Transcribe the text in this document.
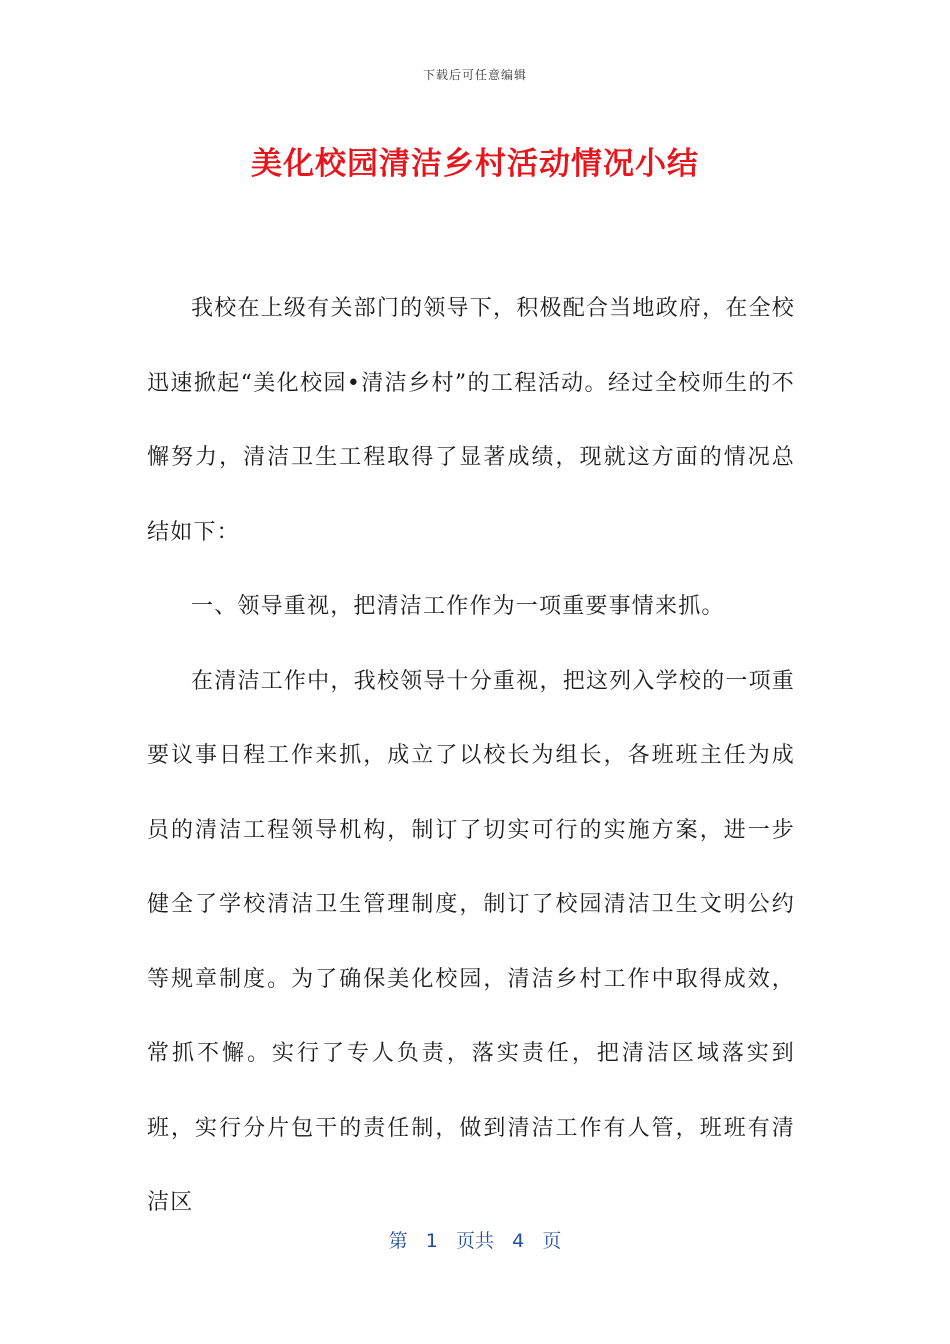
下载后可任意编辑
美化校园清洁乡村活动情况小结

我校在上级有关部门的领导下，积极配合当地政府，在全校迅速掀起“美化校园•清洁乡村”的工程活动。经过全校师生的不懈努力，清洁卫生工程取得了显著成绩，现就这方面的情况总结如下：

一、领导重视，把清洁工作作为一项重要事情来抓。

在清洁工作中，我校领导十分重视，把这列入学校的一项重要议事日程工作来抓，成立了以校长为组长，各班班主任为成员的清洁工程领导机构，制订了切实可行的实施方案，进一步健全了学校清洁卫生管理制度，制订了校园清洁卫生文明公约等规章制度。为了确保美化校园，清洁乡村工作中取得成效，常抓不懈。实行了专人负责，落实责任，把清洁区域落实到班，实行分片包干的责任制，做到清洁工作有人管，班班有清洁区

第 1 页共 4 页
